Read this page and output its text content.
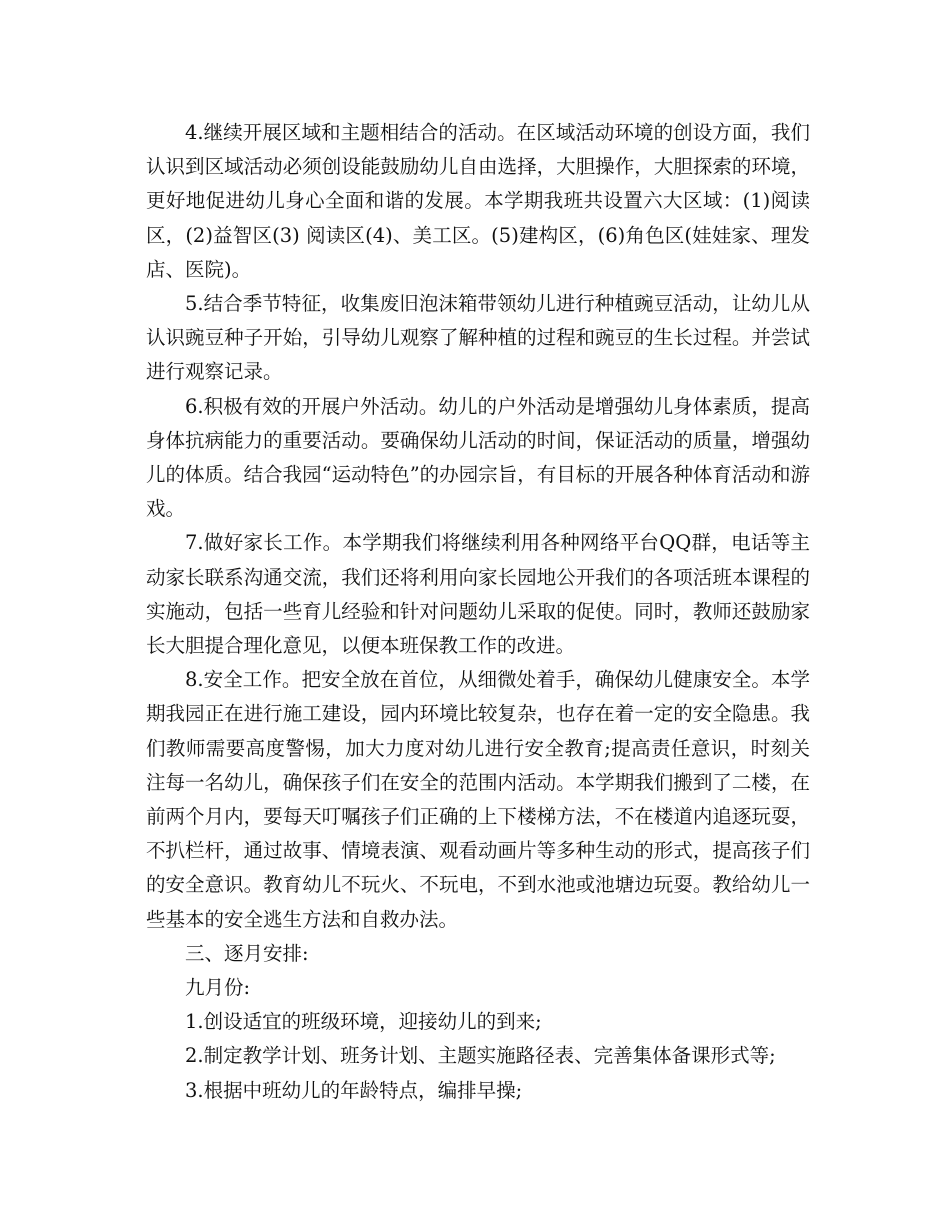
4.继续开展区域和主题相结合的活动。在区域活动环境的创设方面，我们认识到区域活动必须创设能鼓励幼儿自由选择，大胆操作，大胆探索的环境，更好地促进幼儿身心全面和谐的发展。本学期我班共设置六大区域：(1)阅读区，(2)益智区(3) 阅读区(4)、美工区。(5)建构区，(6)角色区(娃娃家、理发店、医院)。

5.结合季节特征，收集废旧泡沫箱带领幼儿进行种植豌豆活动，让幼儿从认识豌豆种子开始，引导幼儿观察了解种植的过程和豌豆的生长过程。并尝试进行观察记录。

6.积极有效的开展户外活动。幼儿的户外活动是增强幼儿身体素质，提高身体抗病能力的重要活动。要确保幼儿活动的时间，保证活动的质量，增强幼儿的体质。结合我园“运动特色”的办园宗旨，有目标的开展各种体育活动和游戏。

7.做好家长工作。本学期我们将继续利用各种网络平台QQ群，电话等主动家长联系沟通交流，我们还将利用向家长园地公开我们的各项活班本课程的实施动，包括一些育儿经验和针对问题幼儿采取的促使。同时，教师还鼓励家长大胆提合理化意见，以便本班保教工作的改进。

8.安全工作。把安全放在首位，从细微处着手，确保幼儿健康安全。本学期我园正在进行施工建设，园内环境比较复杂，也存在着一定的安全隐患。我们教师需要高度警惕，加大力度对幼儿进行安全教育;提高责任意识，时刻关注每一名幼儿，确保孩子们在安全的范围内活动。本学期我们搬到了二楼，在前两个月内，要每天叮嘱孩子们正确的上下楼梯方法，不在楼道内追逐玩耍，不扒栏杆，通过故事、情境表演、观看动画片等多种生动的形式，提高孩子们的安全意识。教育幼儿不玩火、不玩电，不到水池或池塘边玩耍。教给幼儿一些基本的安全逃生方法和自救办法。

三、逐月安排:

九月份:

1.创设适宜的班级环境，迎接幼儿的到来;

2.制定教学计划、班务计划、主题实施路径表、完善集体备课形式等;

3.根据中班幼儿的年龄特点，编排早操;
